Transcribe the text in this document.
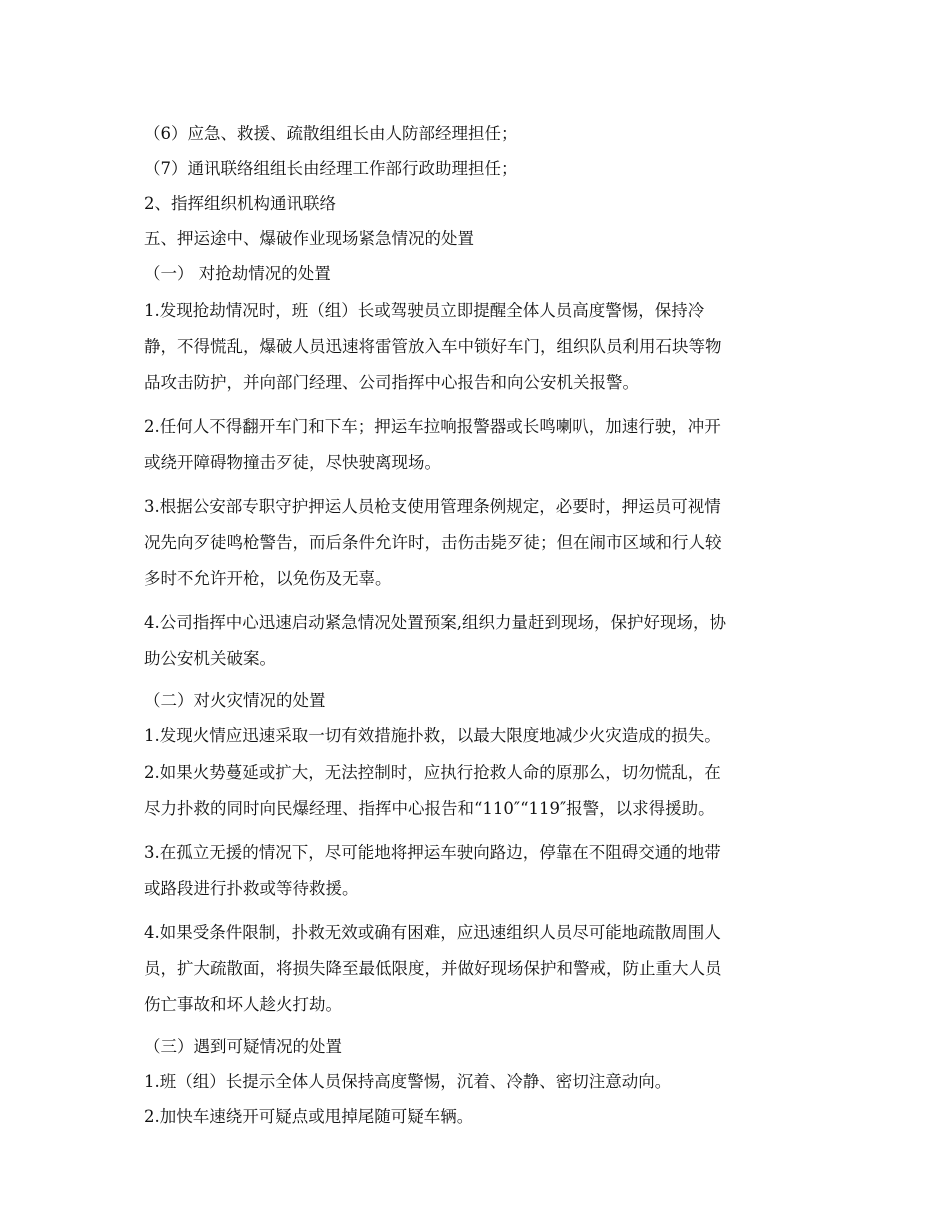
（6）应急、救援、疏散组组长由人防部经理担任；
（7）通讯联络组组长由经理工作部行政助理担任；
2、指挥组织机构通讯联络
五、押运途中、爆破作业现场紧急情况的处置
（一） 对抢劫情况的处置
1.发现抢劫情况时，班（组）长或驾驶员立即提醒全体人员高度警惕，保持冷
静，不得慌乱，爆破人员迅速将雷管放入车中锁好车门，组织队员利用石块等物
品攻击防护，并向部门经理、公司指挥中心报告和向公安机关报警。
2.任何人不得翻开车门和下车；押运车拉响报警器或长鸣喇叭，加速行驶，冲开
或绕开障碍物撞击歹徒，尽快驶离现场。
3.根据公安部专职守护押运人员枪支使用管理条例规定，必要时，押运员可视情
况先向歹徒鸣枪警告，而后条件允许时，击伤击毙歹徒；但在闹市区域和行人较
多时不允许开枪，以免伤及无辜。
4.公司指挥中心迅速启动紧急情况处置预案,组织力量赶到现场，保护好现场，协
助公安机关破案。
（二）对火灾情况的处置
1.发现火情应迅速采取一切有效措施扑救，以最大限度地减少火灾造成的损失。
2.如果火势蔓延或扩大，无法控制时，应执行抢救人命的原那么，切勿慌乱，在
尽力扑救的同时向民爆经理、指挥中心报告和“110″“119″报警，以求得援助。
3.在孤立无援的情况下，尽可能地将押运车驶向路边，停靠在不阻碍交通的地带
或路段进行扑救或等待救援。
4.如果受条件限制，扑救无效或确有困难，应迅速组织人员尽可能地疏散周围人
员，扩大疏散面，将损失降至最低限度，并做好现场保护和警戒，防止重大人员
伤亡事故和坏人趁火打劫。
（三）遇到可疑情况的处置
1.班（组）长提示全体人员保持高度警惕，沉着、冷静、密切注意动向。
2.加快车速绕开可疑点或甩掉尾随可疑车辆。
